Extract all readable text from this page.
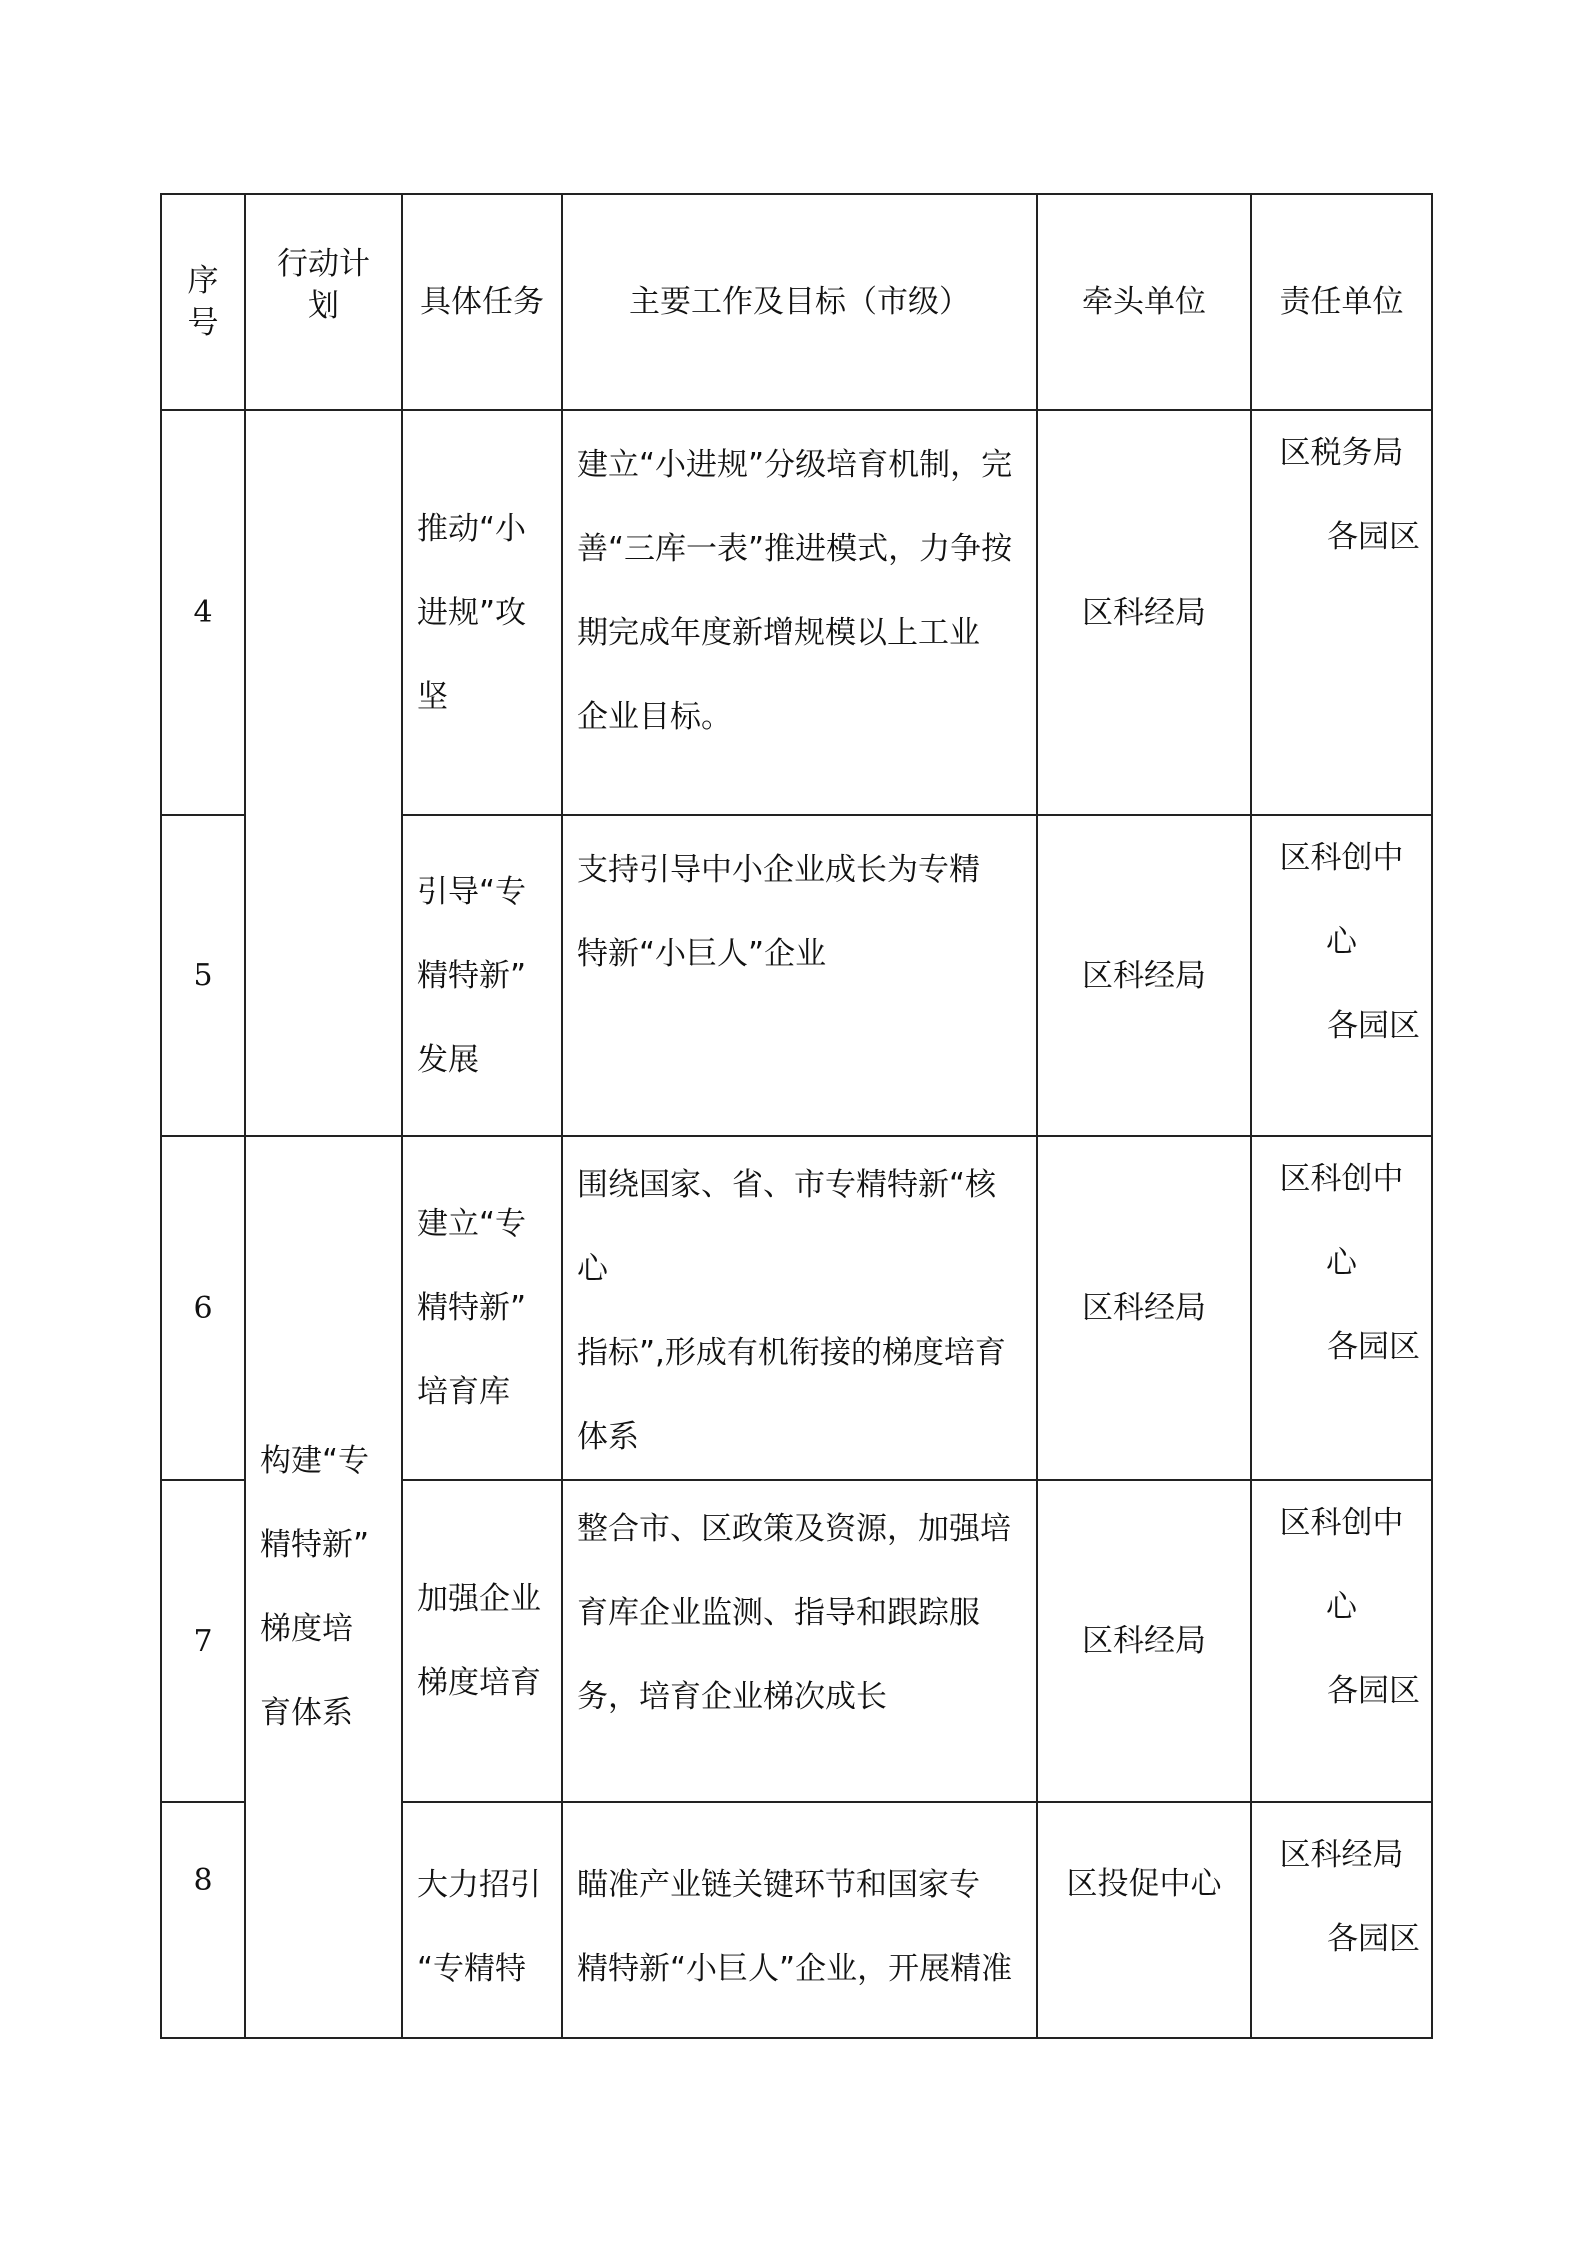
序
号	行动计
划	具体任务	主要工作及目标（市级）	牵头单位	责任单位
4		推动“小
进规”攻
坚	建立“小进规”分级培育机制，完
善“三库一表”推进模式，力争按
期完成年度新增规模以上工业
企业目标。	区科经局	区税务局
各园区

5		引导“专
精特新”
发展	支持引导中小企业成长为专精
特新“小巨人”企业	区科经局	区科创中
心
各园区

6	构建“专
精特新”
梯度培
育体系	建立“专
精特新”
培育库	围绕国家、省、市专精特新“核心
指标”,形成有机衔接的梯度培育
体系	区科经局	区科创中
心
各园区

7		加强企业
梯度培育	整合市、区政策及资源，加强培
育库企业监测、指导和跟踪服
务，培育企业梯次成长	区科经局	区科创中
心
各园区

8		大力招引
“专精特	瞄准产业链关键环节和国家专
精特新“小巨人”企业，开展精准	区投促中心	区科经局
各园区
